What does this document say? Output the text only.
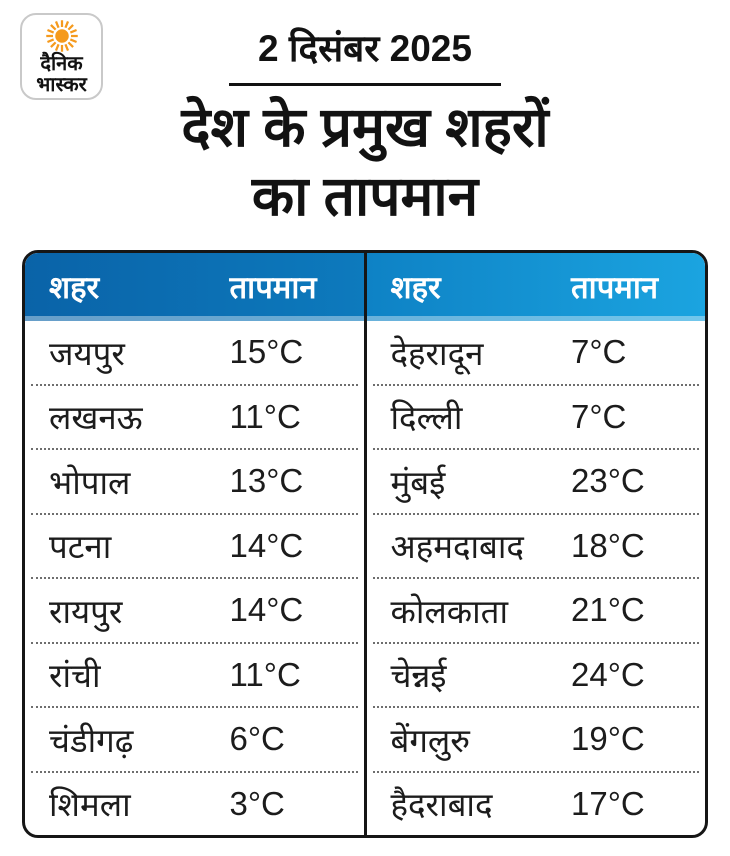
दैनिक
भास्कर
2 दिसंबर 2025
देश के प्रमुख शहरों
का तापमान
शहर	तापमान
जयपुर	15°C
लखनऊ	11°C
भोपाल	13°C
पटना	14°C
रायपुर	14°C
रांची	11°C
चंडीगढ़	6°C
शिमला	3°C
शहर	तापमान
देहरादून	7°C
दिल्ली	7°C
मुंबई	23°C
अहमदाबाद	18°C
कोलकाता	21°C
चेन्नई	24°C
बेंगलुरु	19°C
हैदराबाद	17°C
